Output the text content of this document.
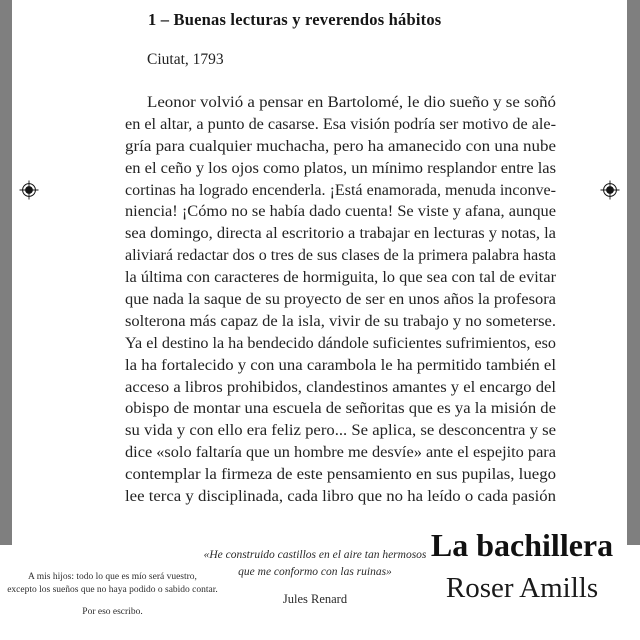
1 – Buenas lecturas y reverendos hábitos
Ciutat, 1793
Leonor volvió a pensar en Bartolomé, le dio sueño y se soñó
en el altar, a punto de casarse. Esa visión podría ser motivo de ale-
gría para cualquier muchacha, pero ha amanecido con una nube
en el ceño y los ojos como platos, un mínimo resplandor entre las
cortinas ha logrado encenderla. ¡Está enamorada, menuda inconve-
niencia! ¡Cómo no se había dado cuenta! Se viste y afana, aunque
sea domingo, directa al escritorio a trabajar en lecturas y notas, la
aliviará redactar dos o tres de sus clases de la primera palabra hasta
la última con caracteres de hormiguita, lo que sea con tal de evitar
que nada la saque de su proyecto de ser en unos años la profesora
solterona más capaz de la isla, vivir de su trabajo y no someterse.
Ya el destino la ha bendecido dándole suficientes sufrimientos, eso
la ha fortalecido y con una carambola le ha permitido también el
acceso a libros prohibidos, clandestinos amantes y el encargo del
obispo de montar una escuela de señoritas que es ya la misión de
su vida y con ello era feliz pero... Se aplica, se desconcentra y se
dice «solo faltaría que un hombre me desvíe» ante el espejito para
contemplar la firmeza de este pensamiento en sus pupilas, luego
lee terca y disciplinada, cada libro que no ha leído o cada pasión
A mis hijos: todo lo que es mío será vuestro,
excepto los sueños que no haya podido o sabido contar.
Por eso escribo.
«He construido castillos en el aire tan hermosos
que me conformo con las ruinas»
Jules Renard
La bachillera
Roser Amills
